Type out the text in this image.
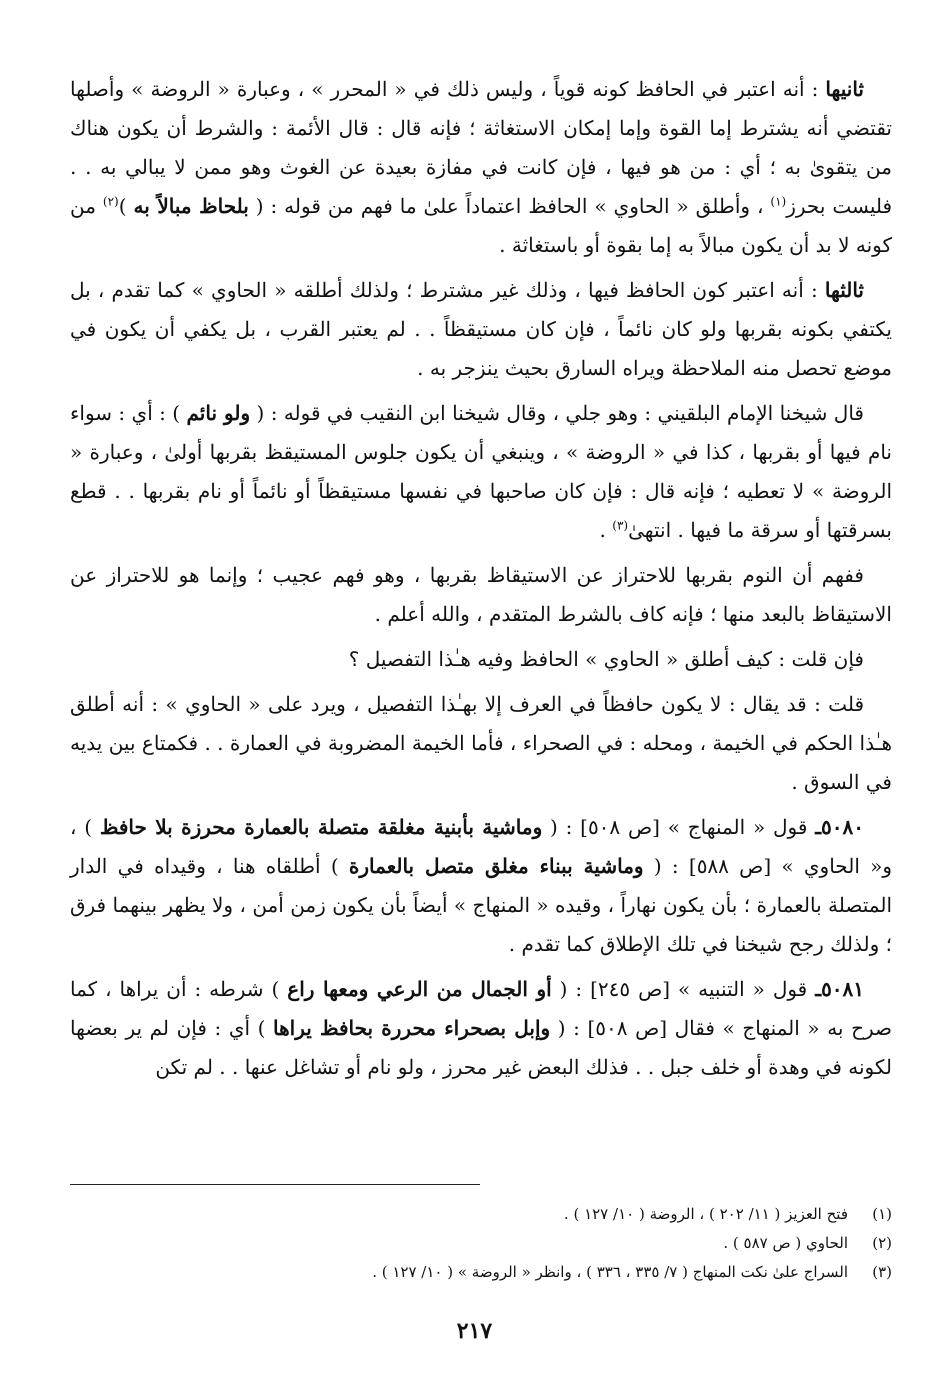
ثانيها : أنه اعتبر في الحافظ كونه قوياً ، وليس ذلك في « المحرر » ، وعبارة « الروضة » وأصلها تقتضي أنه يشترط إما القوة وإما إمكان الاستغاثة ؛ فإنه قال : قال الأئمة : والشرط أن يكون هناك من يتقوىٰ به ؛ أي : من هو فيها ، فإن كانت في مفازة بعيدة عن الغوث وهو ممن لا يبالي به . . فليست بحرز$^{(١)}$ ، وأطلق « الحاوي » الحافظ اعتماداً علىٰ ما فهم من قوله : ( بلحاظ مبالاً به )$^{(٢)}$ من كونه لا بد أن يكون مبالاً به إما بقوة أو باستغاثة .

ثالثها : أنه اعتبر كون الحافظ فيها ، وذلك غير مشترط ؛ ولذلك أطلقه « الحاوي » كما تقدم ، بل يكتفي بكونه بقربها ولو كان نائماً ، فإن كان مستيقظاً . . لم يعتبر القرب ، بل يكفي أن يكون في موضع تحصل منه الملاحظة ويراه السارق بحيث ينزجر به .

قال شيخنا الإمام البلقيني : وهو جلي ، وقال شيخنا ابن النقيب في قوله : ( ولو نائم ) : أي : سواء نام فيها أو بقربها ، كذا في « الروضة » ، وينبغي أن يكون جلوس المستيقظ بقربها أولىٰ ، وعبارة « الروضة » لا تعطيه ؛ فإنه قال : فإن كان صاحبها في نفسها مستيقظاً أو نائماً أو نام بقربها . . قطع بسرقتها أو سرقة ما فيها . انتهىٰ$^{(٣)}$ .

ففهم أن النوم بقربها للاحتراز عن الاستيقاظ بقربها ، وهو فهم عجيب ؛ وإنما هو للاحتراز عن الاستيقاظ بالبعد منها ؛ فإنه كاف بالشرط المتقدم ، والله أعلم .

فإن قلت : كيف أطلق « الحاوي » الحافظ وفيه هـٰذا التفصيل ؟

قلت : قد يقال : لا يكون حافظاً في العرف إلا بهـٰذا التفصيل ، ويرد على « الحاوي » : أنه أطلق هـٰذا الحكم في الخيمة ، ومحله : في الصحراء ، فأما الخيمة المضروبة في العمارة . . فكمتاع بين يديه في السوق .

٥٠٨٠ـ قول « المنهاج » [ص ٥٠٨] : ( وماشية بأبنية مغلقة متصلة بالعمارة محرزة بلا حافظ ) ، و« الحاوي » [ص ٥٨٨] : ( وماشية ببناء مغلق متصل بالعمارة ) أطلقاه هنا ، وقيداه في الدار المتصلة بالعمارة ؛ بأن يكون نهاراً ، وقيده « المنهاج » أيضاً بأن يكون زمن أمن ، ولا يظهر بينهما فرق ؛ ولذلك رجح شيخنا في تلك الإطلاق كما تقدم .

٥٠٨١ـ قول « التنبيه » [ص ٢٤٥] : ( أو الجمال من الرعي ومعها راع ) شرطه : أن يراها ، كما صرح به « المنهاج » فقال [ص ٥٠٨] : ( وإبل بصحراء محررة بحافظ يراها ) أي : فإن لم ير بعضها لكونه في وهدة أو خلف جبل . . فذلك البعض غير محرز ، ولو نام أو تشاغل عنها . . لم تكن

(١)فتح العزيز ( ١١/ ٢٠٢ ) ، الروضة ( ١٠/ ١٢٧ ) .
(٢)الحاوي ( ص ٥٨٧ ) .
(٣)السراج علىٰ نكت المنهاج ( ٧/ ٣٣٥ ، ٣٣٦ ) ، وانظر « الروضة » ( ١٠/ ١٢٧ ) .
٢١٧
